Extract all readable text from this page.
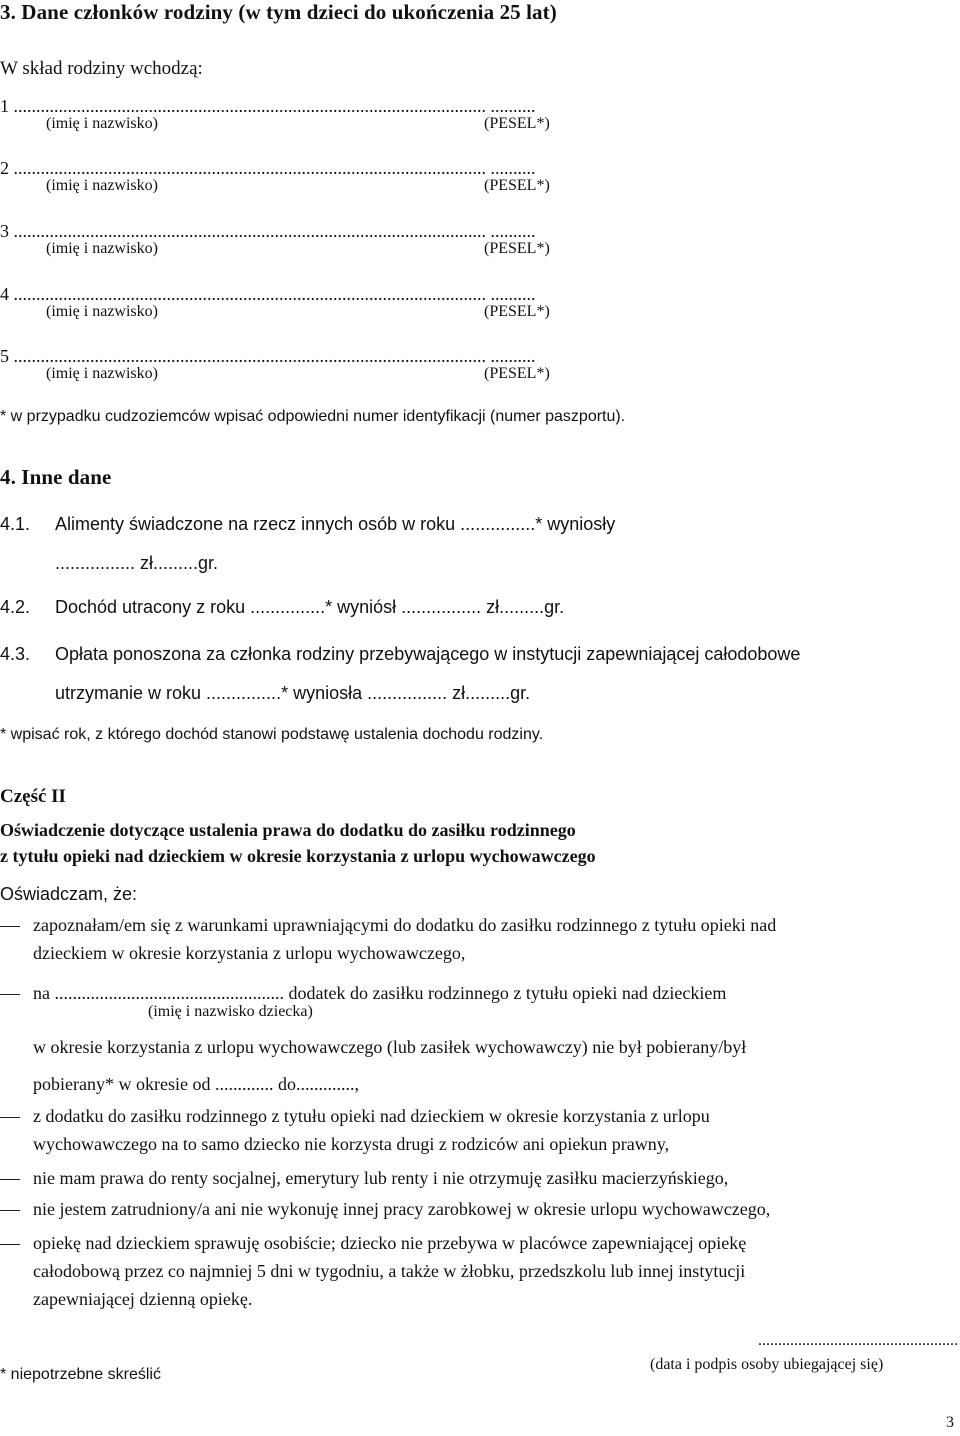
3. Dane członków rodziny (w tym dzieci do ukończenia 25 lat)
W skład rodziny wchodzą:
1 ......................................................................................................... ..........
(imię i nazwisko)	(PESEL*)
2 ......................................................................................................... ..........
(imię i nazwisko)	(PESEL*)
3 ......................................................................................................... ..........
(imię i nazwisko)	(PESEL*)
4 ......................................................................................................... ..........
(imię i nazwisko)	(PESEL*)
5 ......................................................................................................... ..........
(imię i nazwisko)	(PESEL*)
* w przypadku cudzoziemców wpisać odpowiedni numer identyfikacji (numer paszportu).
4. Inne dane
4.1. Alimenty świadczone na rzecz innych osób w roku ...............* wyniosły
................ zł.........gr.
4.2. Dochód utracony z roku ...............* wyniósł ................ zł.........gr.
4.3. Opłata ponoszona za członka rodziny przebywającego w instytucji zapewniającej całodobowe
utrzymanie w roku ...............* wyniosła ................ zł.........gr.
* wpisać rok, z którego dochód stanowi podstawę ustalenia dochodu rodziny.
Część II
Oświadczenie dotyczące ustalenia prawa do dodatku do zasiłku rodzinnego
z tytułu opieki nad dzieckiem w okresie korzystania z urlopu wychowawczego
Oświadczam, że:
zapoznałam/em się z warunkami uprawniającymi do dodatku do zasiłku rodzinnego z tytułu opieki nad
dzieckiem w okresie korzystania z urlopu wychowawczego,
na ................................................... dodatek do zasiłku rodzinnego z tytułu opieki nad dzieckiem
(imię i nazwisko dziecka)
w okresie korzystania z urlopu wychowawczego (lub zasiłek wychowawczy) nie był pobierany/był
pobierany* w okresie od ............. do.............,
z dodatku do zasiłku rodzinnego z tytułu opieki nad dzieckiem w okresie korzystania z urlopu
wychowawczego na to samo dziecko nie korzysta drugi z rodziców ani opiekun prawny,
nie mam prawa do renty socjalnej, emerytury lub renty i nie otrzymuję zasiłku macierzyńskiego,
nie jestem zatrudniony/a ani nie wykonuję innej pracy zarobkowej w okresie urlopu wychowawczego,
opiekę nad dzieckiem sprawuję osobiście; dziecko nie przebywa w placówce zapewniającej opiekę
całodobową przez co najmniej 5 dni w tygodniu, a także w żłobku, przedszkolu lub innej instytucji
zapewniającej dzienną opiekę.
..................................................
(data i podpis osoby ubiegającej się)
* niepotrzebne skreślić
3
